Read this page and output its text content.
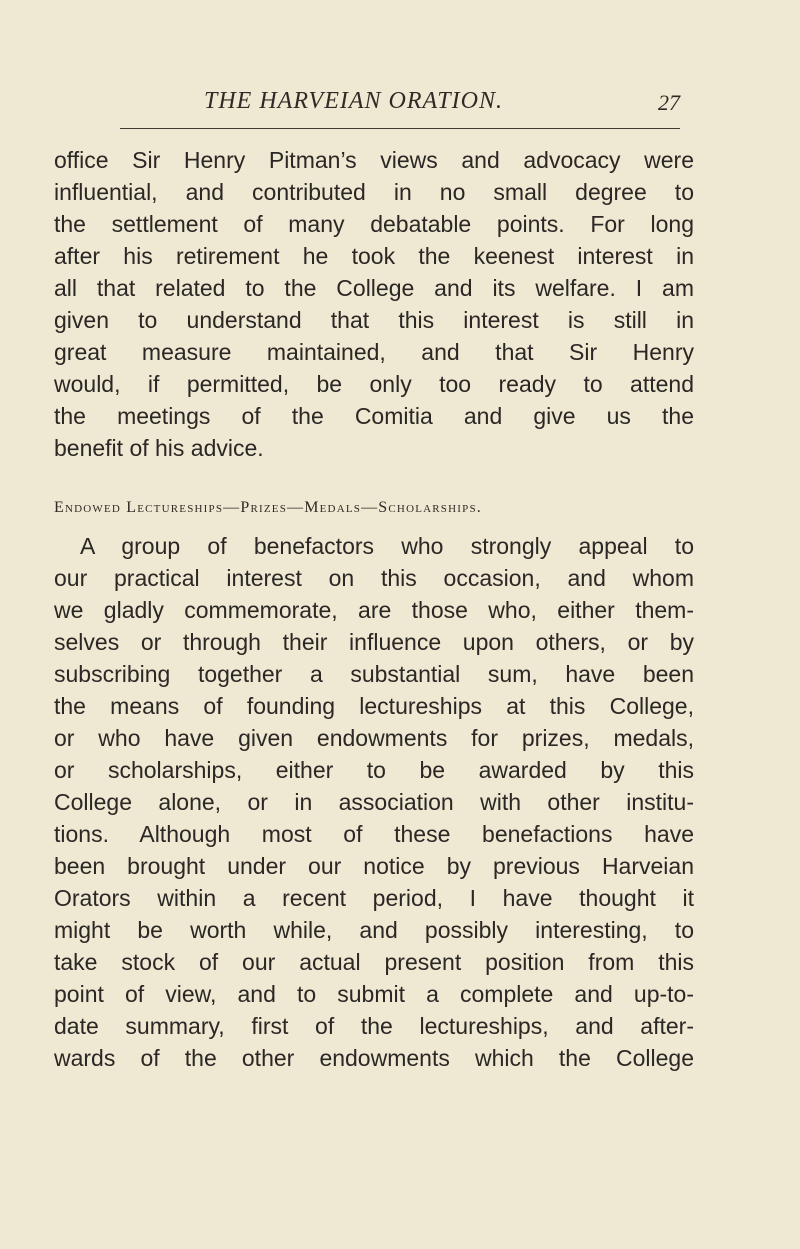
THE HARVEIAN ORATION.	27

office Sir Henry Pitman’s views and advocacy were
influential, and contributed in no small degree to
the settlement of many debatable points. For long
after his retirement he took the keenest interest in
all that related to the College and its welfare. I am
given to understand that this interest is still in
great measure maintained, and that Sir Henry
would, if permitted, be only too ready to attend
the meetings of the Comitia and give us the
benefit of his advice.

Endowed Lectureships—Prizes—Medals—Scholarships.

A group of benefactors who strongly appeal to
our practical interest on this occasion, and whom
we gladly commemorate, are those who, either them-
selves or through their influence upon others, or by
subscribing together a substantial sum, have been
the means of founding lectureships at this College,
or who have given endowments for prizes, medals,
or scholarships, either to be awarded by this
College alone, or in association with other institu-
tions. Although most of these benefactions have
been brought under our notice by previous Harveian
Orators within a recent period, I have thought it
might be worth while, and possibly interesting, to
take stock of our actual present position from this
point of view, and to submit a complete and up-to-
date summary, first of the lectureships, and after-
wards of the other endowments which the College
